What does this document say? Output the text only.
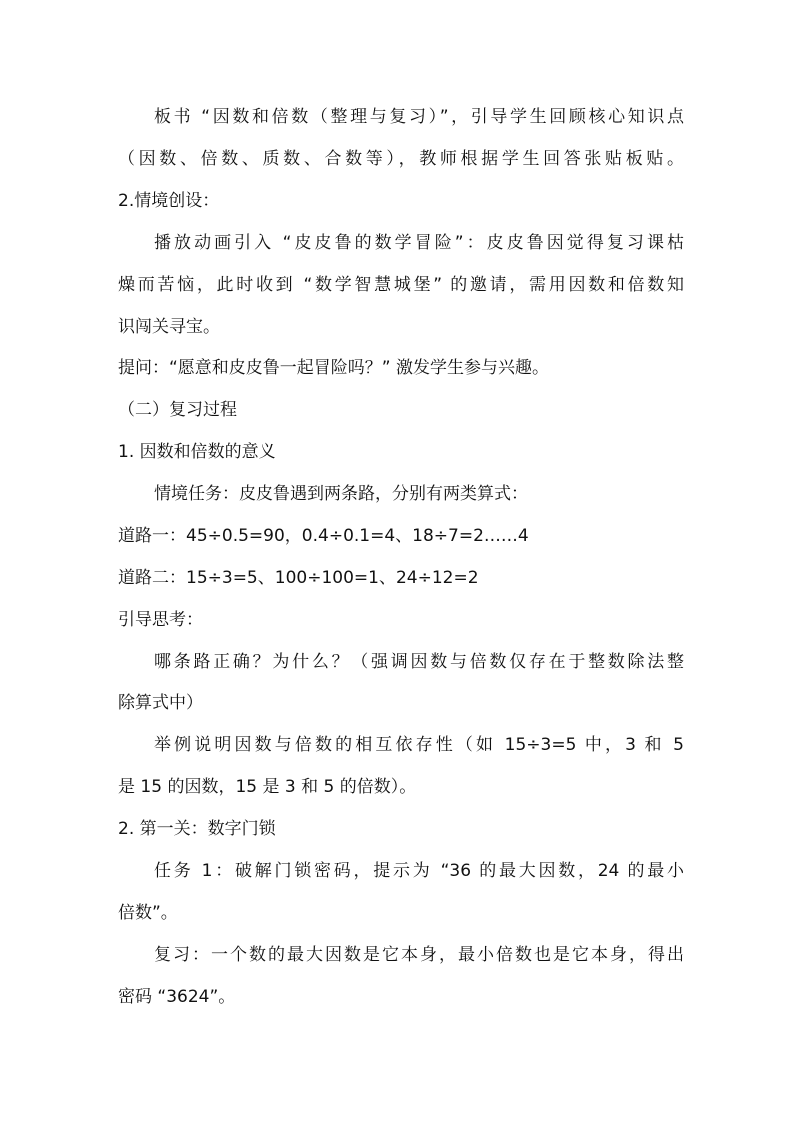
板书 “因数和倍数（整理与复习）”，引导学生回顾核心知识点
（因数、倍数、质数、合数等），教师根据学生回答张贴板贴。
2.情境创设：
播放动画引入 “皮皮鲁的数学冒险”：皮皮鲁因觉得复习课枯
燥而苦恼，此时收到 “数学智慧城堡” 的邀请，需用因数和倍数知
识闯关寻宝。
提问：“愿意和皮皮鲁一起冒险吗？” 激发学生参与兴趣。
（二）复习过程
1. 因数和倍数的意义
情境任务：皮皮鲁遇到两条路，分别有两类算式：
道路一：45÷0.5=90，0.4÷0.1=4、18÷7=2……4
道路二：15÷3=5、100÷100=1、24÷12=2
引导思考：
哪条路正确？为什么？（强调因数与倍数仅存在于整数除法整
除算式中）
举例说明因数与倍数的相互依存性（如 15÷3=5 中，3 和 5
是 15 的因数，15 是 3 和 5 的倍数）。
2. 第一关：数字门锁
任务 1：破解门锁密码，提示为 “36 的最大因数，24 的最小
倍数”。
复习：一个数的最大因数是它本身，最小倍数也是它本身，得出
密码 “3624”。
